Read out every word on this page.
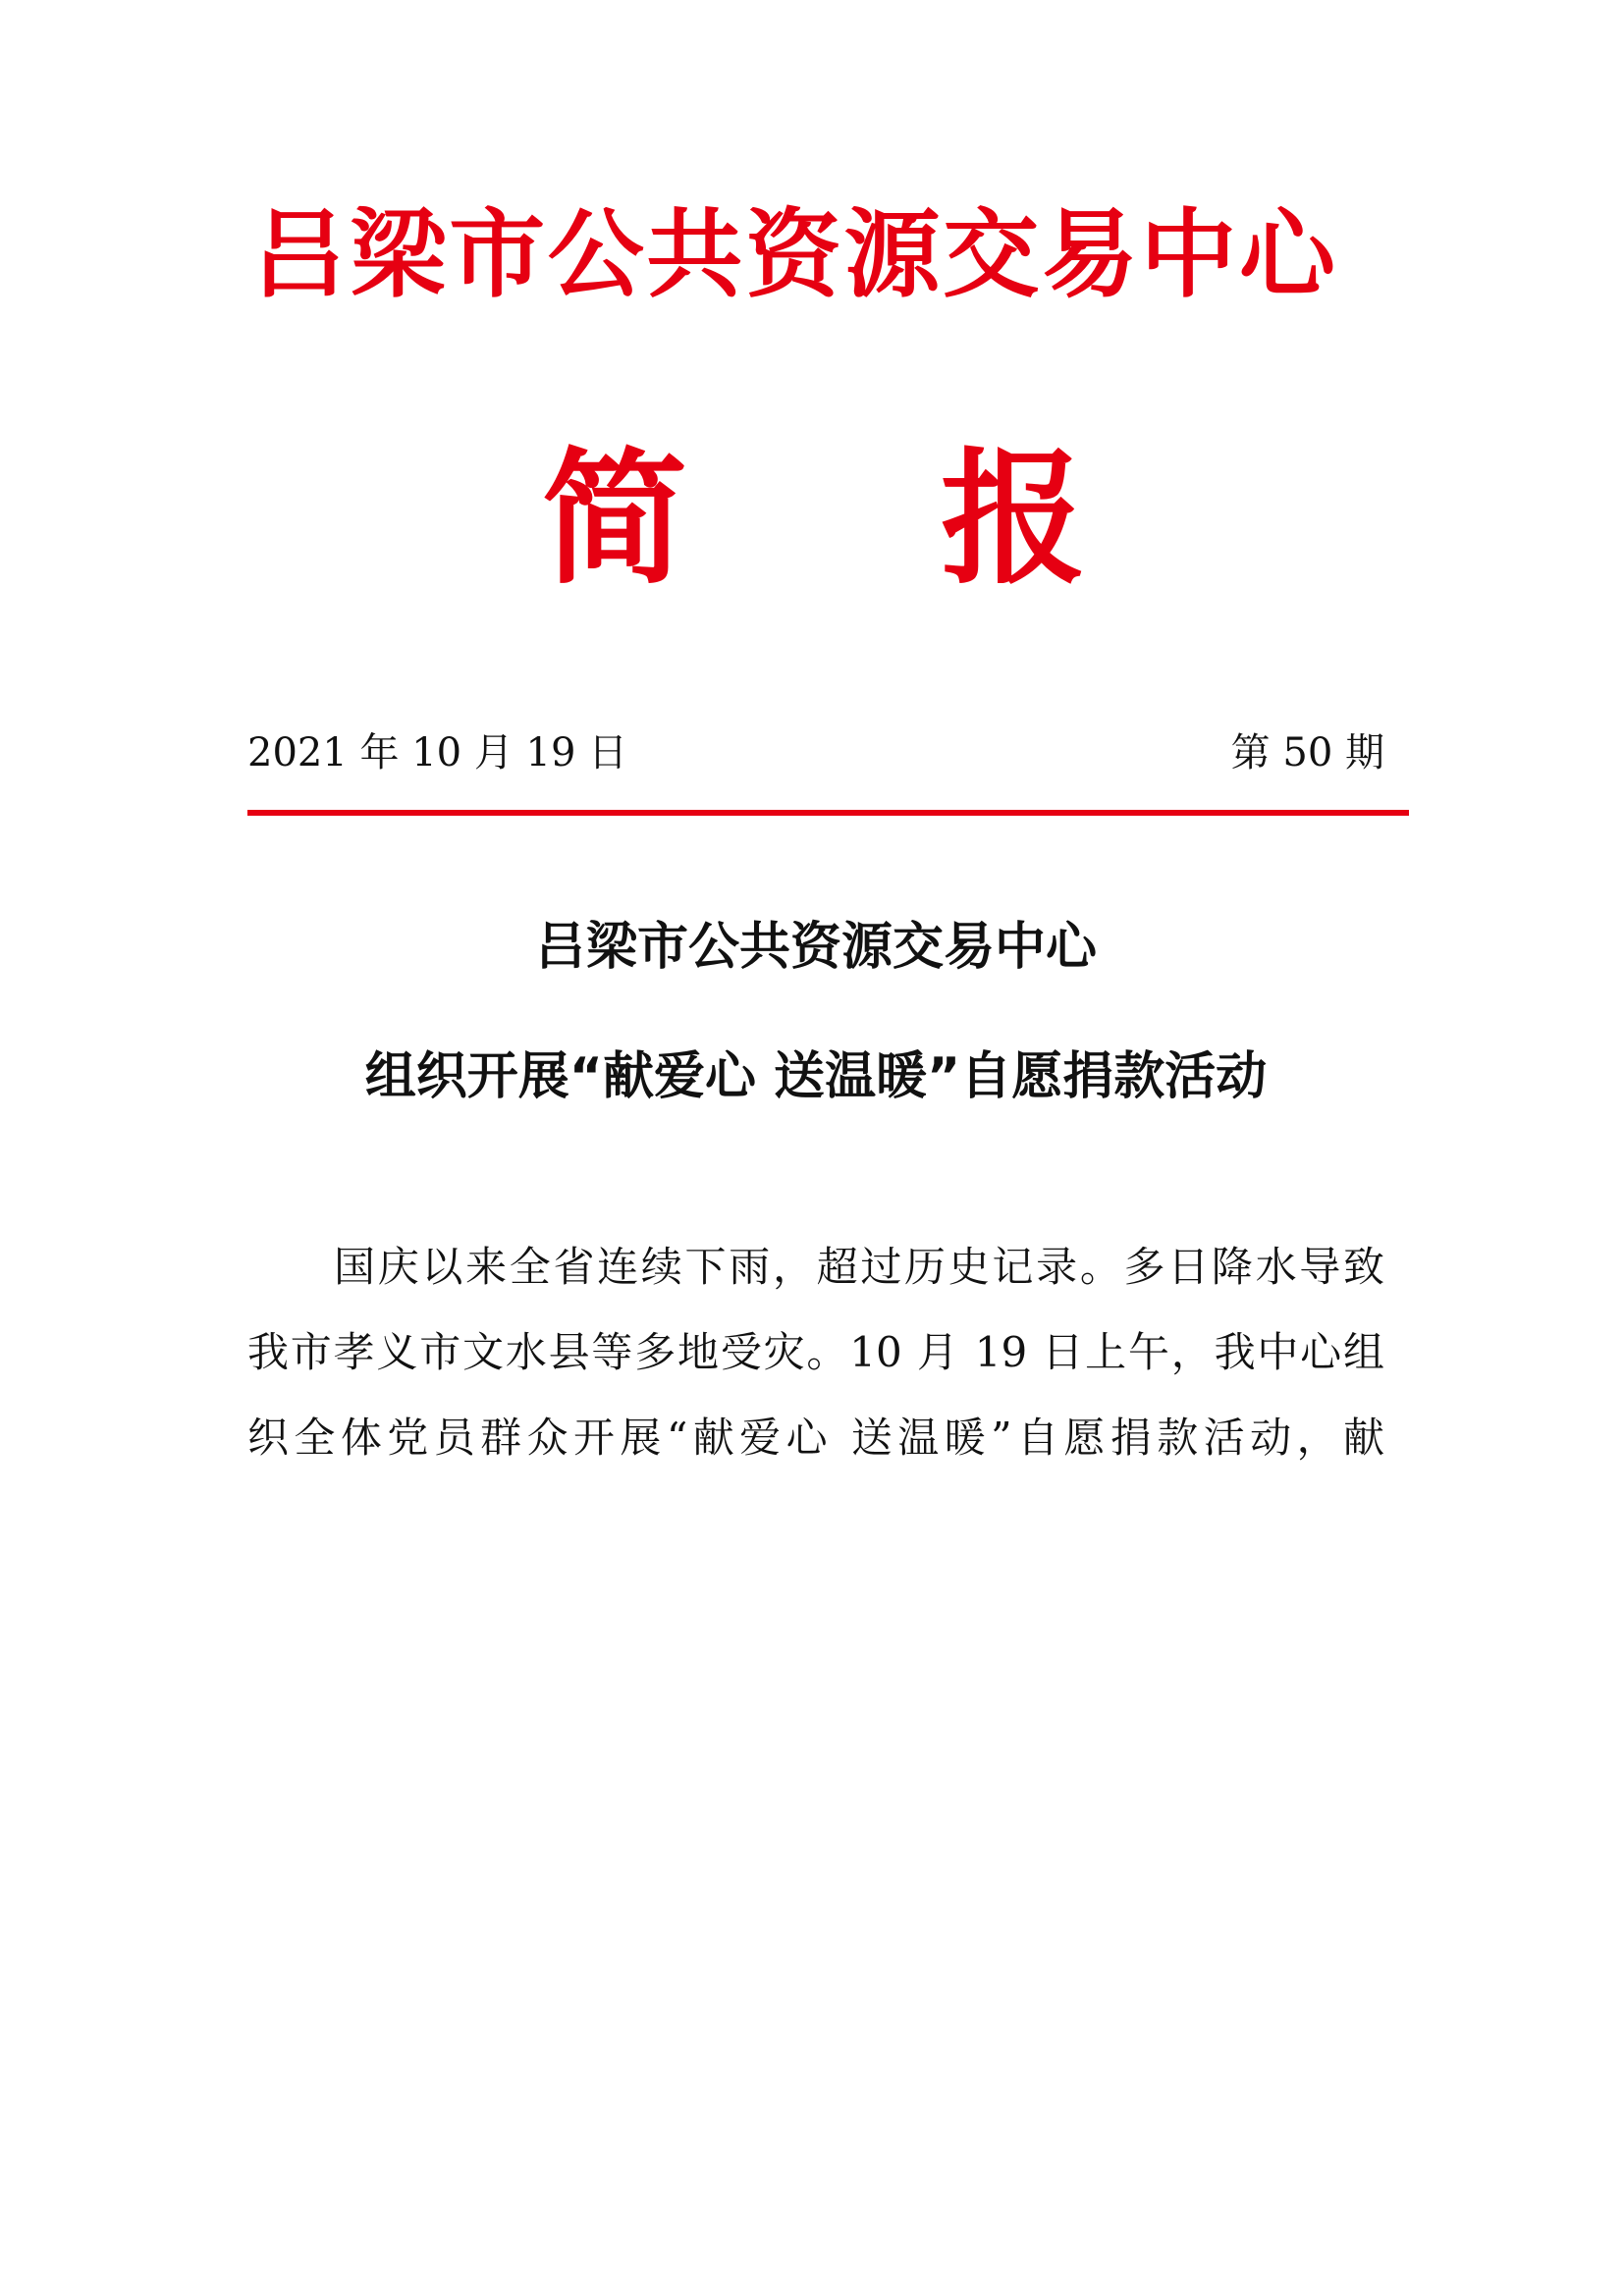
吕梁市公共资源交易中心
简 报
2021 年 10 月 19 日	第 50 期
吕梁市公共资源交易中心
组织开展“献爱心 送温暖”自愿捐款活动
国庆以来全省连续下雨，超过历史记录。多日降水导致
我市孝义市文水县等多地受灾。10 月 19 日上午，我中心组
织全体党员群众开展“献爱心 送温暖”自愿捐款活动，献
